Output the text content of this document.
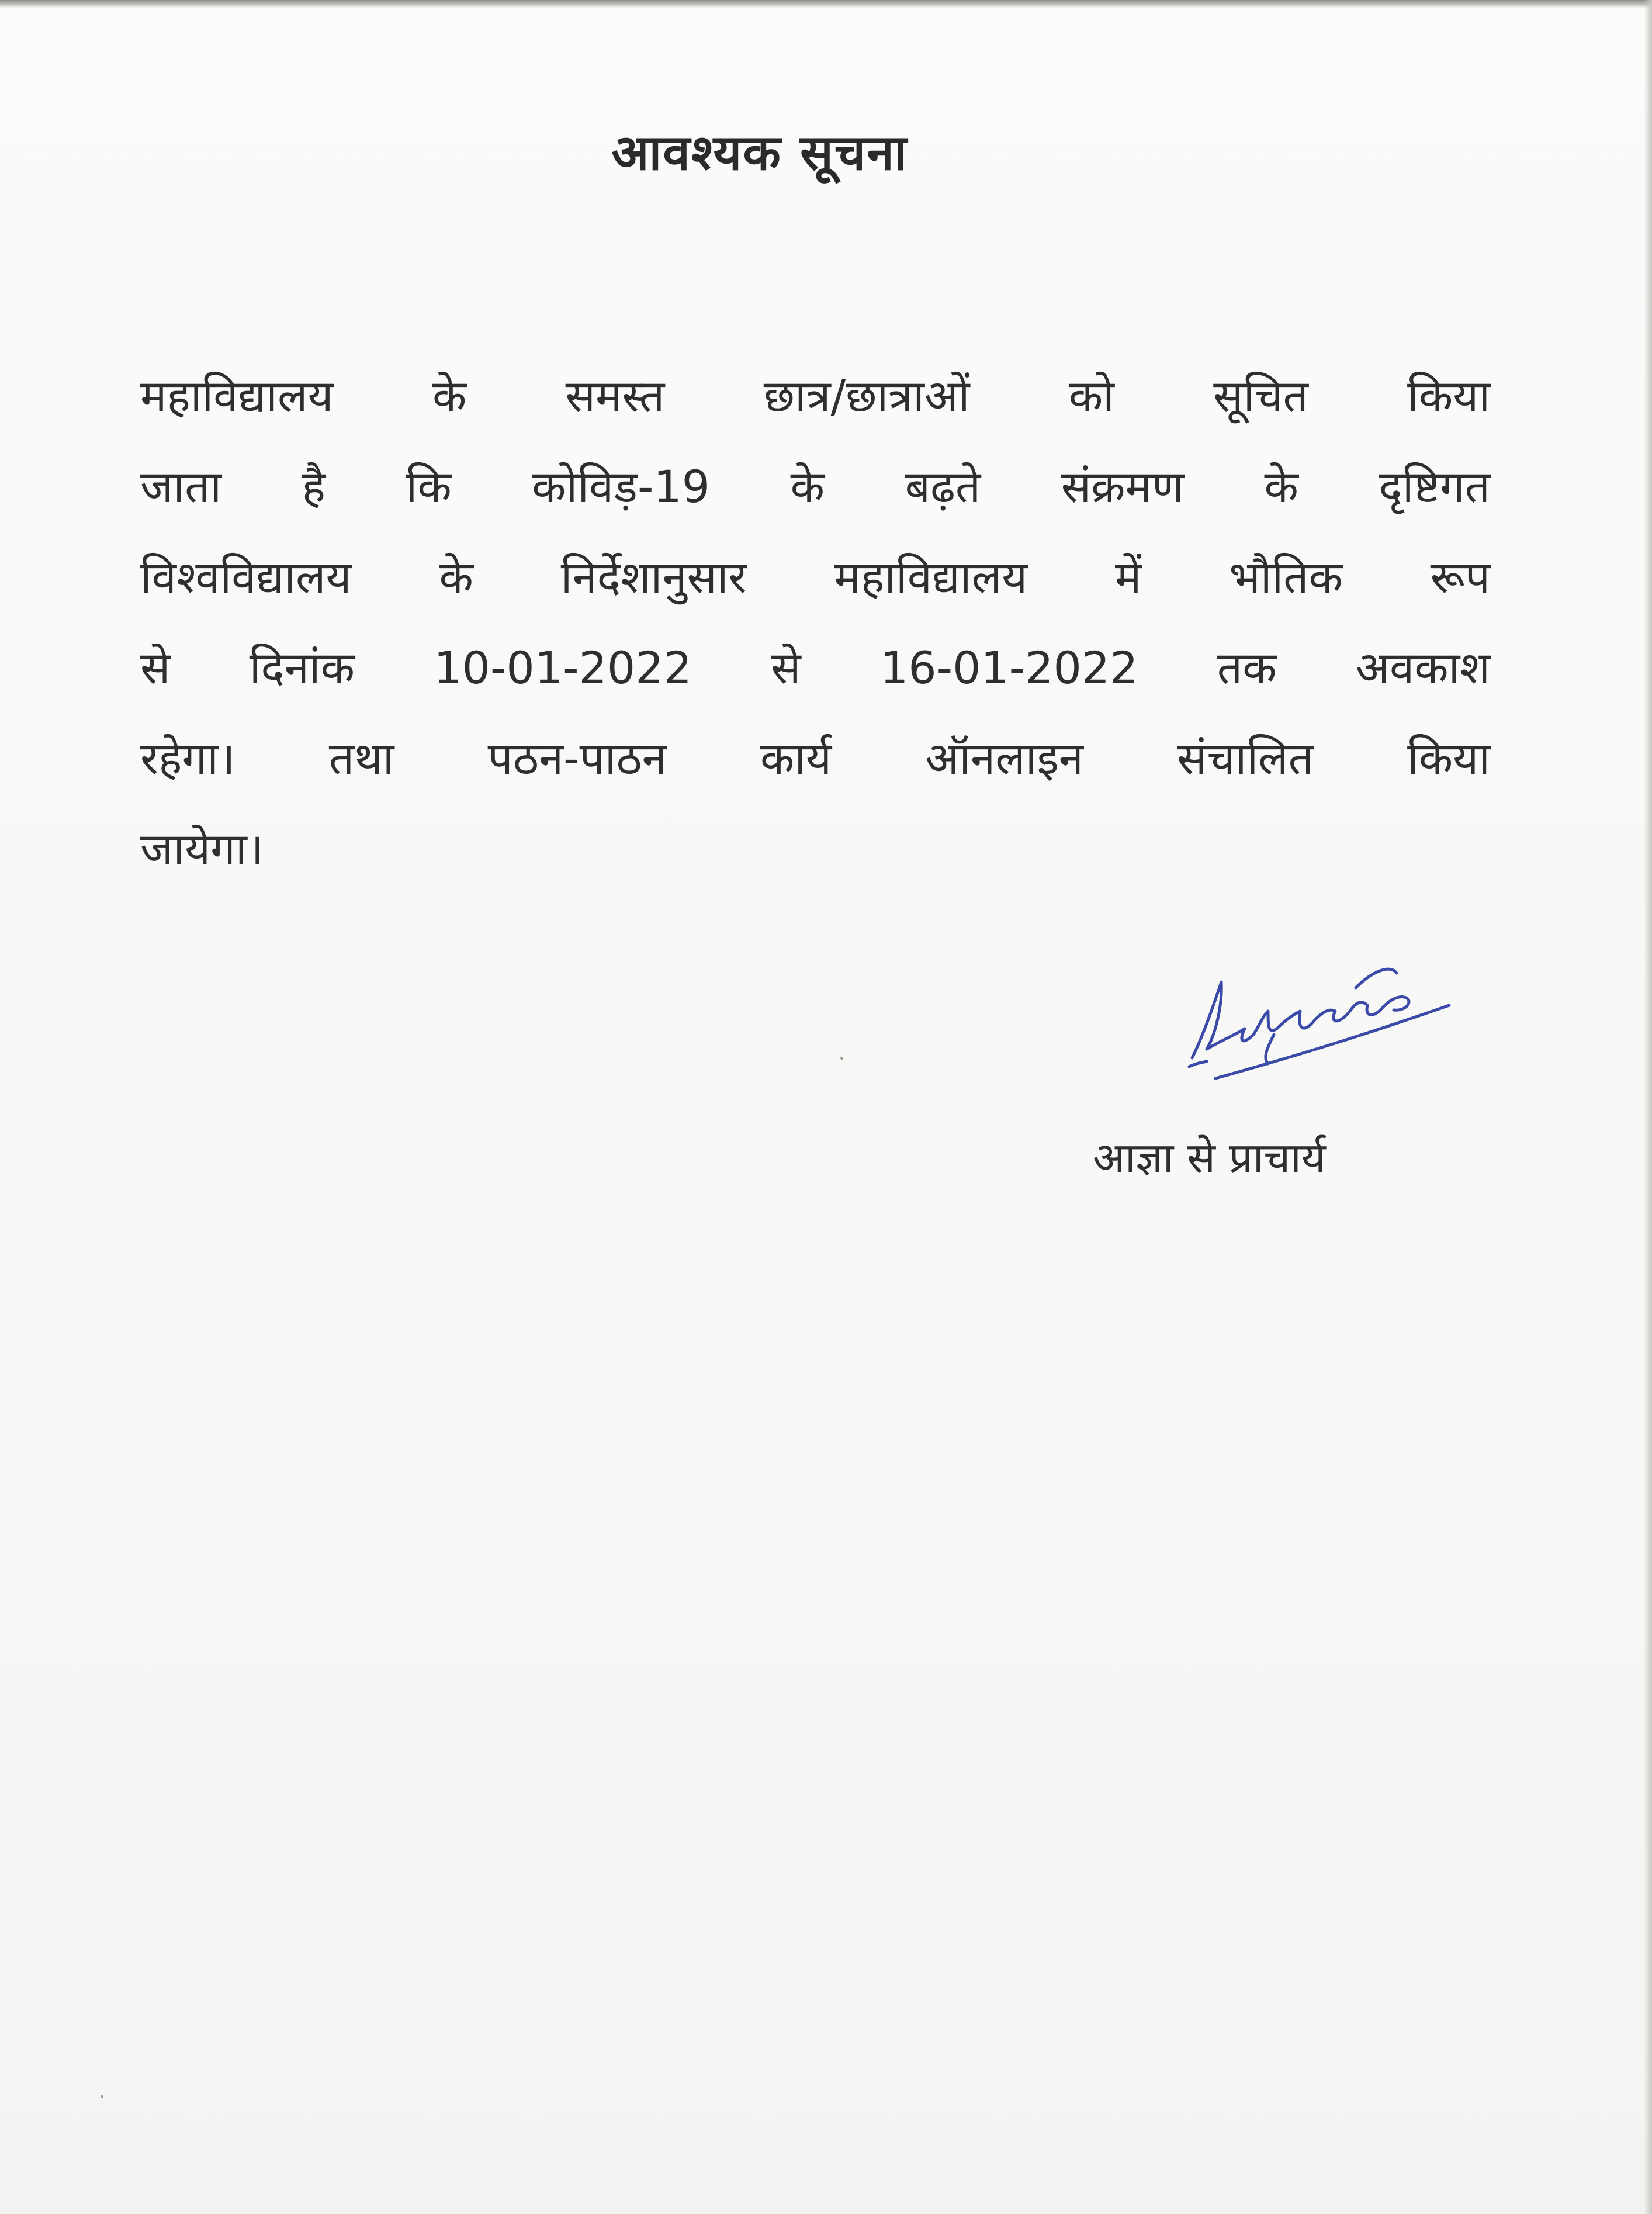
आवश्यक सूचना
महाविद्यालय के समस्त छात्र/छात्राओं को सूचित किया
जाता है कि कोविड़-19 के बढ़ते संक्रमण के दृष्टिगत
विश्वविद्यालय के निर्देशानुसार महाविद्यालय में भौतिक रूप
से दिनांक 10-01-2022 से 16-01-2022 तक अवकाश
रहेगा। तथा पठन-पाठन कार्य ऑनलाइन संचालित किया
जायेगा।

आज्ञा से प्राचार्य
